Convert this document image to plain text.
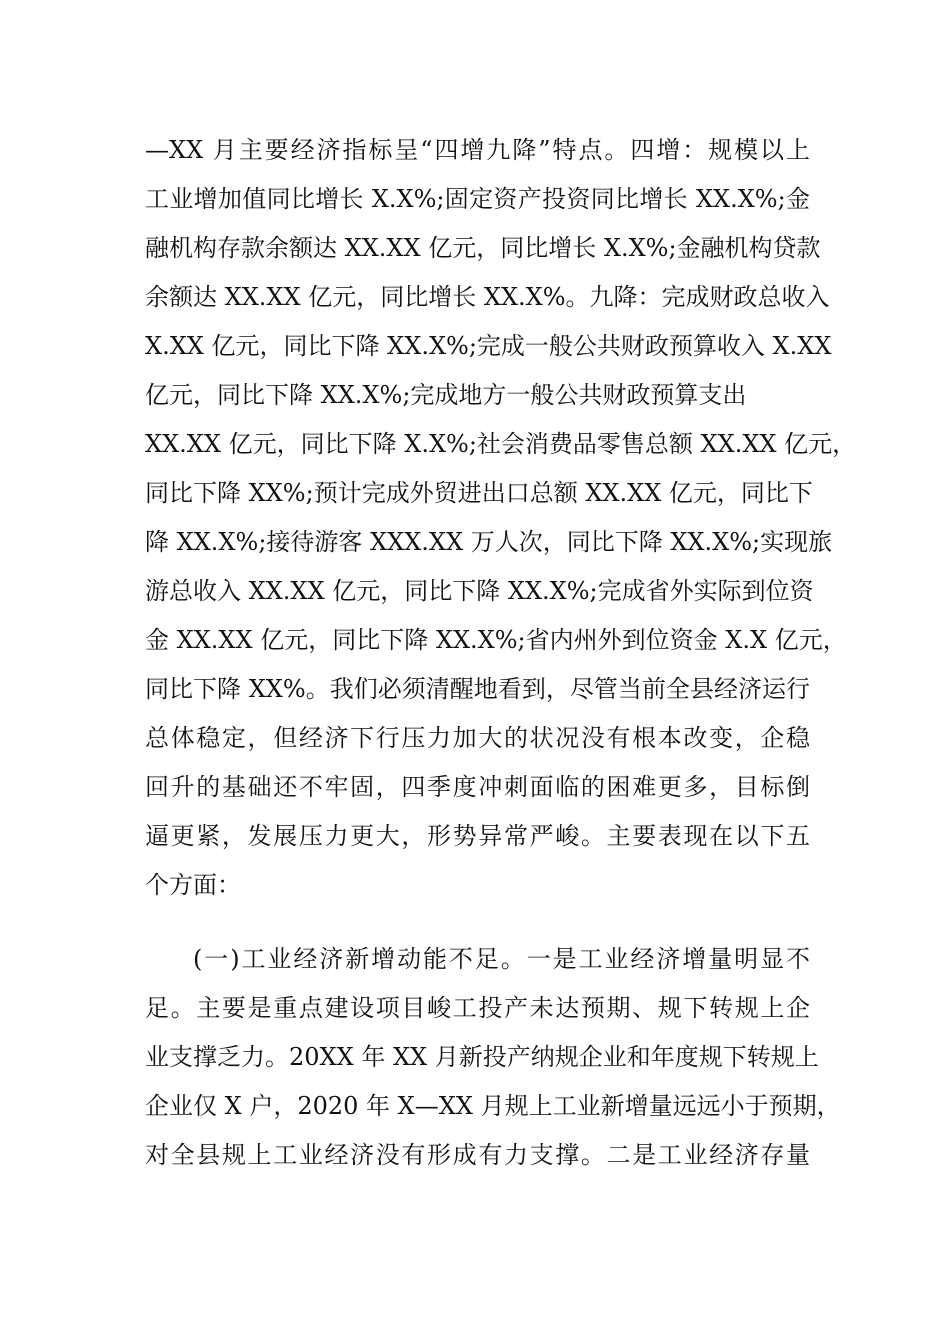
—XX 月主要经济指标呈“四增九降”特点。四增：规模以上
工业增加值同比增长 X.X%;固定资产投资同比增长 XX.X%;金
融机构存款余额达 XX.XX 亿元，同比增长 X.X%;金融机构贷款
余额达 XX.XX 亿元，同比增长 XX.X%。九降：完成财政总收入
X.XX 亿元，同比下降 XX.X%;完成一般公共财政预算收入 X.XX
亿元，同比下降 XX.X%;完成地方一般公共财政预算支出
XX.XX 亿元，同比下降 X.X%;社会消费品零售总额 XX.XX 亿元，
同比下降 XX%;预计完成外贸进出口总额 XX.XX 亿元，同比下
降 XX.X%;接待游客 XXX.XX 万人次，同比下降 XX.X%;实现旅
游总收入 XX.XX 亿元，同比下降 XX.X%;完成省外实际到位资
金 XX.XX 亿元，同比下降 XX.X%;省内州外到位资金 X.X 亿元，
同比下降 XX%。我们必须清醒地看到，尽管当前全县经济运行
总体稳定，但经济下行压力加大的状况没有根本改变，企稳
回升的基础还不牢固，四季度冲刺面临的困难更多，目标倒
逼更紧，发展压力更大，形势异常严峻。主要表现在以下五
个方面：
(一)工业经济新增动能不足。一是工业经济增量明显不
足。主要是重点建设项目峻工投产未达预期、规下转规上企
业支撑乏力。20XX 年 XX 月新投产纳规企业和年度规下转规上
企业仅 X 户，2020 年 X—XX 月规上工业新增量远远小于预期，
对全县规上工业经济没有形成有力支撑。二是工业经济存量
